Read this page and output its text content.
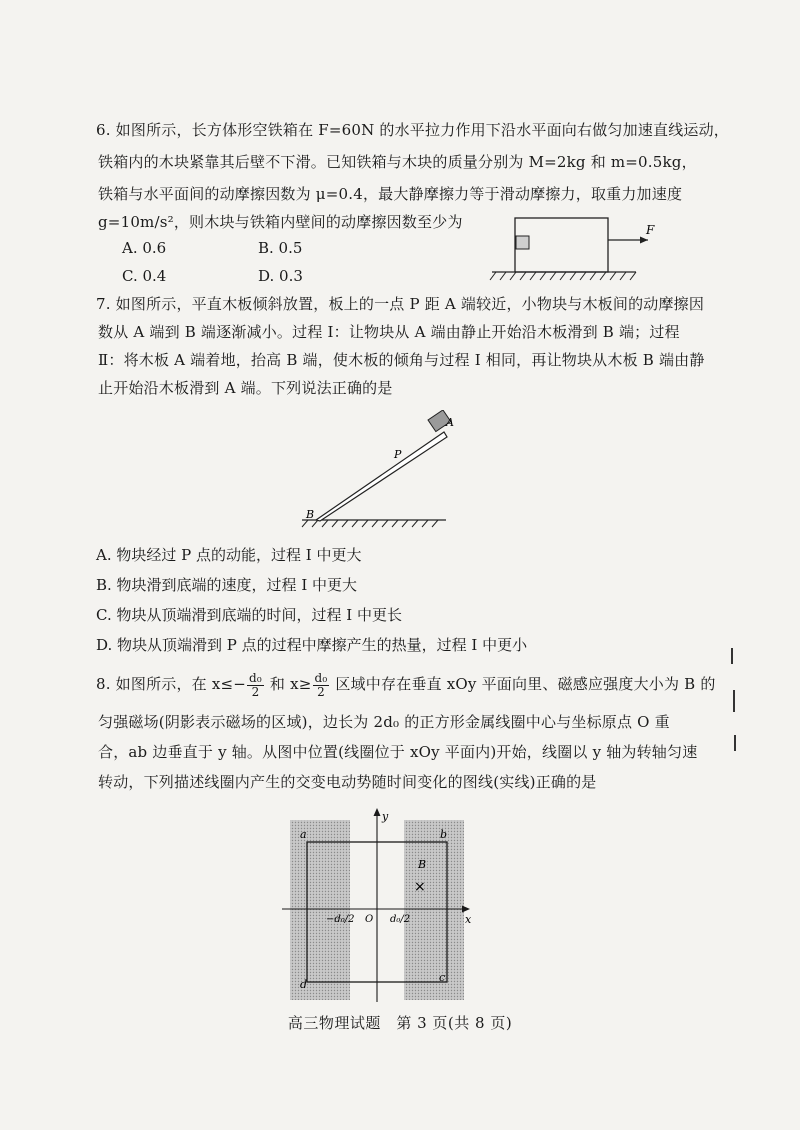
6. 如图所示，长方体形空铁箱在 F=60N 的水平拉力作用下沿水平面向右做匀加速直线运动，
铁箱内的木块紧靠其后壁不下滑。已知铁箱与木块的质量分别为 M=2kg 和 m=0.5kg，
铁箱与水平面间的动摩擦因数为 μ=0.4，最大静摩擦力等于滑动摩擦力，取重力加速度
g=10m/s²，则木块与铁箱内壁间的动摩擦因数至少为
A. 0.6	B. 0.5
C. 0.4	D. 0.3
F
7. 如图所示，平直木板倾斜放置，板上的一点 P 距 A 端较近，小物块与木板间的动摩擦因
数从 A 端到 B 端逐渐减小。过程 Ⅰ：让物块从 A 端由静止开始沿木板滑到 B 端；过程
Ⅱ：将木板 A 端着地，抬高 B 端，使木板的倾角与过程 Ⅰ 相同，再让物块从木板 B 端由静
止开始沿木板滑到 A 端。下列说法正确的是
A
P
B
A. 物块经过 P 点的动能，过程 Ⅰ 中更大
B. 物块滑到底端的速度，过程 Ⅰ 中更大
C. 物块从顶端滑到底端的时间，过程 Ⅰ 中更长
D. 物块从顶端滑到 P 点的过程中摩擦产生的热量，过程 Ⅰ 中更小
8. 如图所示，在 $x\le- \frac{\text{d₀}}{2}$ 和 $x\ge \frac{\text{d₀}}{2}$ 区域中存在垂直 xOy 平面向里、磁感应强度大小为 B 的
匀强磁场(阴影表示磁场的区域)，边长为 2d₀ 的正方形金属线圈中心与坐标原点 O 重
合，ab 边垂直于 y 轴。从图中位置(线圈位于 xOy 平面内)开始，线圈以 y 轴为转轴匀速
转动，下列描述线圈内产生的交变电动势随时间变化的图线(实线)正确的是
y
x
a	b
c
d
B
×
−d₀/2 O d₀/2
高三物理试题　第 3 页(共 8 页)
